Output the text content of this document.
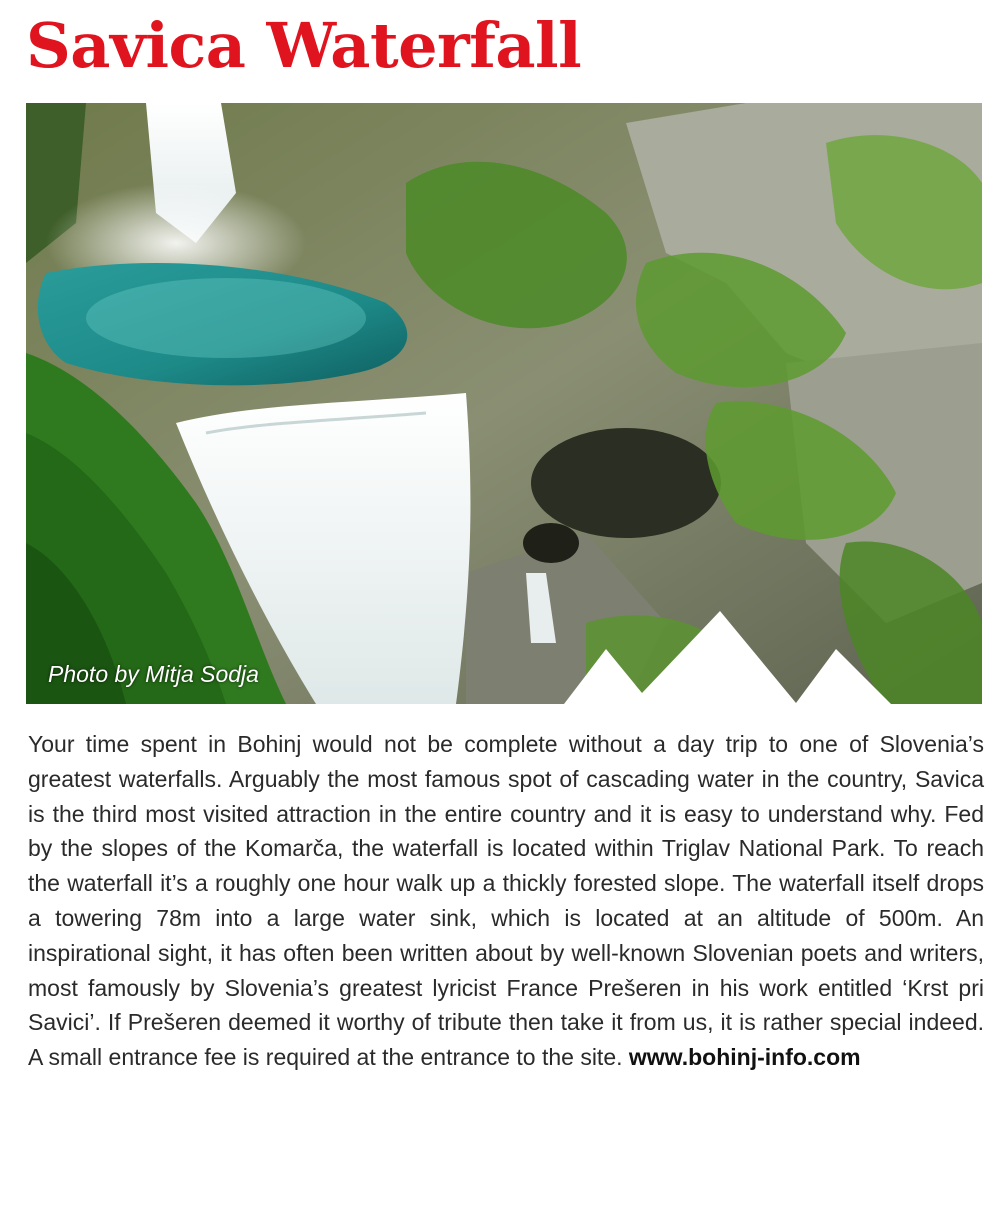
Savica Waterfall
Photo by Mitja Sodja

Your time spent in Bohinj would not be complete without a day trip to one of Slovenia’s greatest waterfalls. Arguably the most famous spot of cascading water in the country, Savica is the third most visited attraction in the entire country and it is easy to understand why. Fed by the slopes of the Komarča, the waterfall is located within Triglav National Park. To reach the waterfall it’s a roughly one hour walk up a thickly forested slope. The waterfall itself drops a towering 78m into a large water sink, which is located at an altitude of 500m. An inspirational sight, it has often been written about by well-known Slovenian poets and writers, most famously by Slovenia’s greatest lyricist France Prešeren in his work entitled ‘Krst pri Savici’. If Prešeren deemed it worthy of tribute then take it from us, it is rather special indeed. A small entrance fee is required at the entrance to the site. www.bohinj-info.com
